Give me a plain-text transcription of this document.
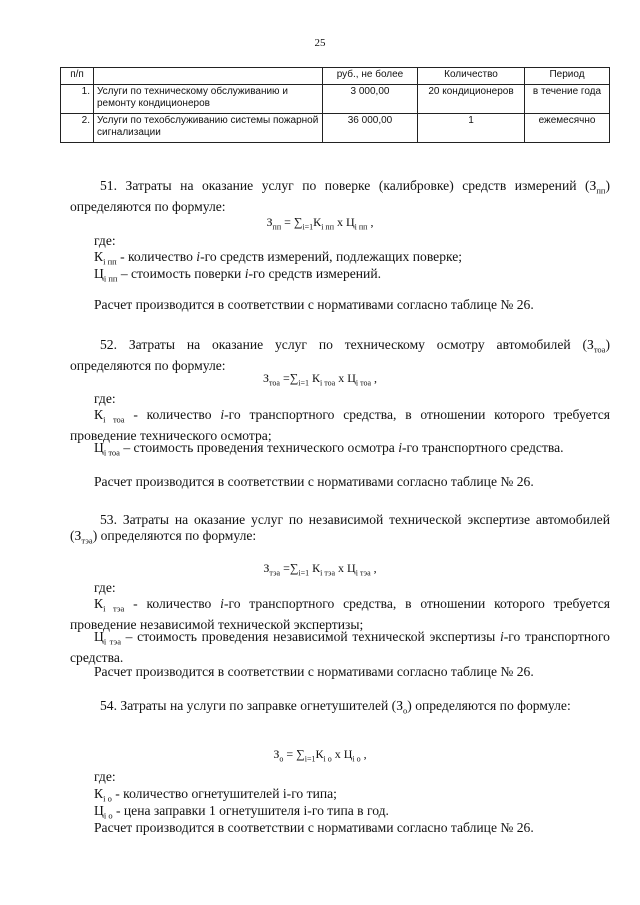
25
п/п		руб., не более	Количество	Период
1.	Услуги по техническому обслуживанию и ремонту кондиционеров	3 000,00	20 кондиционеров	в течение года
2.	Услуги по техобслуживанию системы пожарной сигнализации	36 000,00	1	ежемесячно

51. Затраты на оказание услуг по поверке (калибровке) средств измерений $(З_{пп})$ определяются по формуле:

$З_{пп} = \sum_{i=1}К_{i пп}$ x $Ц_{i пп}$ ,

где:

$К_{i пп}$ - количество i-го средств измерений, подлежащих поверке;

$Ц_{i пп}$ – стоимость поверки i-го средств измерений.

Расчет производится в соответствии с нормативами согласно таблице № 26.

52. Затраты на оказание услуг по техническому осмотру автомобилей $(З_{тоа})$ определяются по формуле:

$З_{тоа} =\sum_{i=1}$ $К_{i тоа}$ x $Ц_{i тоа}$ ,

где:

$К_{i тоа}$ - количество i-го транспортного средства, в отношении которого требуется проведение технического осмотра;

$Ц_{i тоа}$ – стоимость проведения технического осмотра i-го транспортного средства.

Расчет производится в соответствии с нормативами согласно таблице № 26.

53. Затраты на оказание услуг по независимой технической экспертизе автомобилей $(З_{тэа})$ определяются по формуле:

$З_{тэа} =\sum_{i=1}$ $К_{i тэа}$ x $Ц_{i тэа}$ ,

где:

$К_{i тэа}$ - количество i-го транспортного средства, в отношении которого требуется проведение независимой технической экспертизы;

$Ц_{i тэа}$ – стоимость проведения независимой технической экспертизы i-го транспортного средства.

Расчет производится в соответствии с нормативами согласно таблице № 26.

54. Затраты на услуги по заправке огнетушителей $(З_о)$ определяются по формуле:

$З_о = \sum_{i=1}К_{i о}$ x $Ц_{i о}$ ,

где:

$К_{i о}$ - количество огнетушителей i-го типа;

$Ц_{i о}$ - цена заправки 1 огнетушителя i-го типа в год.

Расчет производится в соответствии с нормативами согласно таблице № 26.
